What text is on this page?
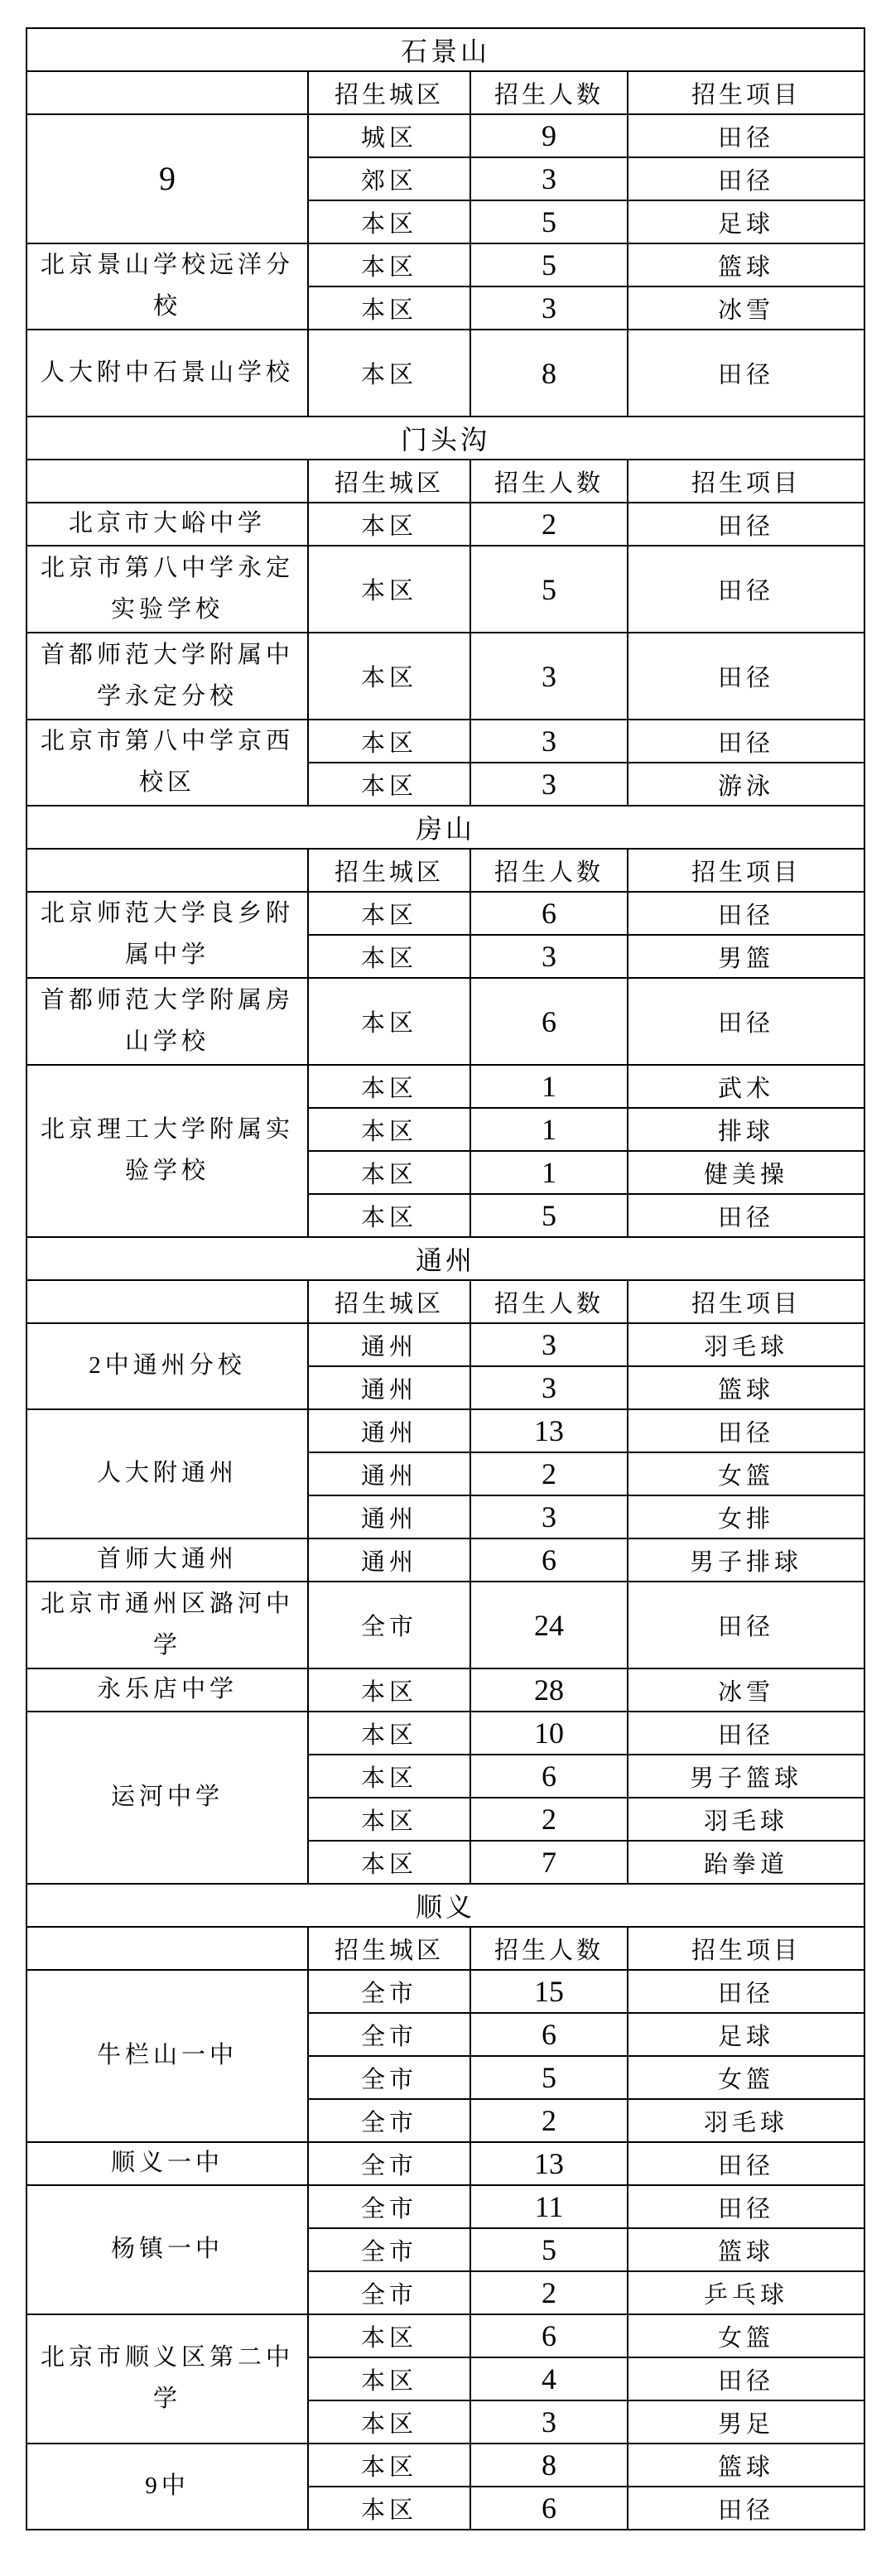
石景山			
	招生城区	招生人数	招生项目
9	城区	9	田径
	郊区	3	田径
	本区	5	足球
北京景山学校远洋分校	本区	5	篮球
	本区	3	冰雪
人大附中石景山学校	本区	8	田径
门头沟			
	招生城区	招生人数	招生项目
北京市大峪中学	本区	2	田径
北京市第八中学永定实验学校	本区	5	田径
首都师范大学附属中学永定分校	本区	3	田径
北京市第八中学京西校区	本区	3	田径
	本区	3	游泳
房山			
	招生城区	招生人数	招生项目
北京师范大学良乡附属中学	本区	6	田径
	本区	3	男篮
首都师范大学附属房山学校	本区	6	田径
北京理工大学附属实验学校	本区	1	武术
	本区	1	排球
	本区	1	健美操
	本区	5	田径
通州			
	招生城区	招生人数	招生项目
2中通州分校	通州	3	羽毛球
	通州	3	篮球
人大附通州	通州	13	田径
	通州	2	女篮
	通州	3	女排
首师大通州	通州	6	男子排球
北京市通州区潞河中学	全市	24	田径
永乐店中学	本区	28	冰雪
运河中学	本区	10	田径
	本区	6	男子篮球
	本区	2	羽毛球
	本区	7	跆拳道
顺义			
	招生城区	招生人数	招生项目
牛栏山一中	全市	15	田径
	全市	6	足球
	全市	5	女篮
	全市	2	羽毛球
顺义一中	全市	13	田径
杨镇一中	全市	11	田径
	全市	5	篮球
	全市	2	乒乓球
北京市顺义区第二中学	本区	6	女篮
	本区	4	田径
	本区	3	男足
9中	本区	8	篮球
	本区	6	田径
